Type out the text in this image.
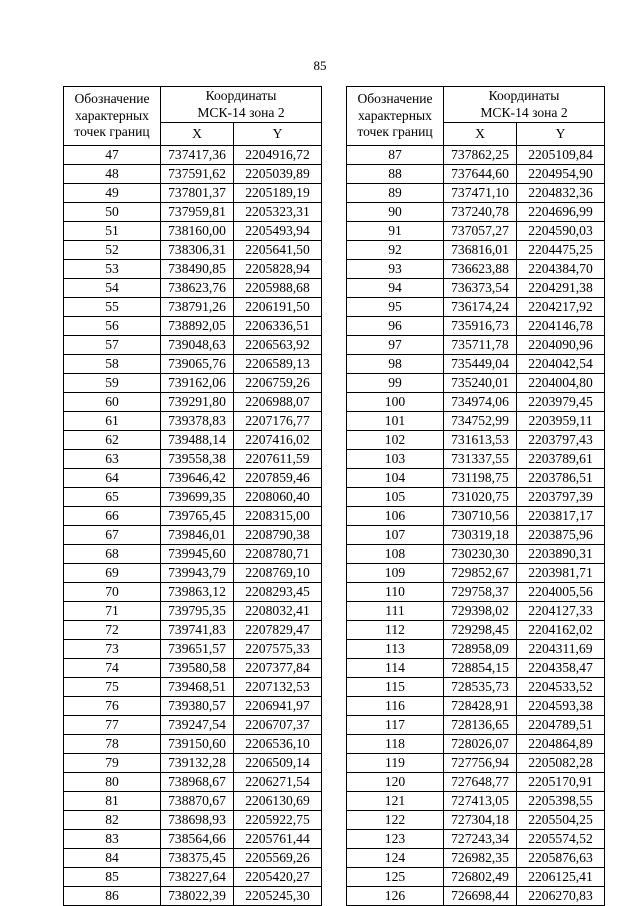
85
Обозначение
характерных
точек границ	Координаты
МСК-14 зона 2	
	X	Y
47	737417,36	2204916,72
48	737591,62	2205039,89
49	737801,37	2205189,19
50	737959,81	2205323,31
51	738160,00	2205493,94
52	738306,31	2205641,50
53	738490,85	2205828,94
54	738623,76	2205988,68
55	738791,26	2206191,50
56	738892,05	2206336,51
57	739048,63	2206563,92
58	739065,76	2206589,13
59	739162,06	2206759,26
60	739291,80	2206988,07
61	739378,83	2207176,77
62	739488,14	2207416,02
63	739558,38	2207611,59
64	739646,42	2207859,46
65	739699,35	2208060,40
66	739765,45	2208315,00
67	739846,01	2208790,38
68	739945,60	2208780,71
69	739943,79	2208769,10
70	739863,12	2208293,45
71	739795,35	2208032,41
72	739741,83	2207829,47
73	739651,57	2207575,33
74	739580,58	2207377,84
75	739468,51	2207132,53
76	739380,57	2206941,97
77	739247,54	2206707,37
78	739150,60	2206536,10
79	739132,28	2206509,14
80	738968,67	2206271,54
81	738870,67	2206130,69
82	738698,93	2205922,75
83	738564,66	2205761,44
84	738375,45	2205569,26
85	738227,64	2205420,27
86	738022,39	2205245,30
Обозначение
характерных
точек границ	Координаты
МСК-14 зона 2	
	X	Y
87	737862,25	2205109,84
88	737644,60	2204954,90
89	737471,10	2204832,36
90	737240,78	2204696,99
91	737057,27	2204590,03
92	736816,01	2204475,25
93	736623,88	2204384,70
94	736373,54	2204291,38
95	736174,24	2204217,92
96	735916,73	2204146,78
97	735711,78	2204090,96
98	735449,04	2204042,54
99	735240,01	2204004,80
100	734974,06	2203979,45
101	734752,99	2203959,11
102	731613,53	2203797,43
103	731337,55	2203789,61
104	731198,75	2203786,51
105	731020,75	2203797,39
106	730710,56	2203817,17
107	730319,18	2203875,96
108	730230,30	2203890,31
109	729852,67	2203981,71
110	729758,37	2204005,56
111	729398,02	2204127,33
112	729298,45	2204162,02
113	728958,09	2204311,69
114	728854,15	2204358,47
115	728535,73	2204533,52
116	728428,91	2204593,38
117	728136,65	2204789,51
118	728026,07	2204864,89
119	727756,94	2205082,28
120	727648,77	2205170,91
121	727413,05	2205398,55
122	727304,18	2205504,25
123	727243,34	2205574,52
124	726982,35	2205876,63
125	726802,49	2206125,41
126	726698,44	2206270,83
